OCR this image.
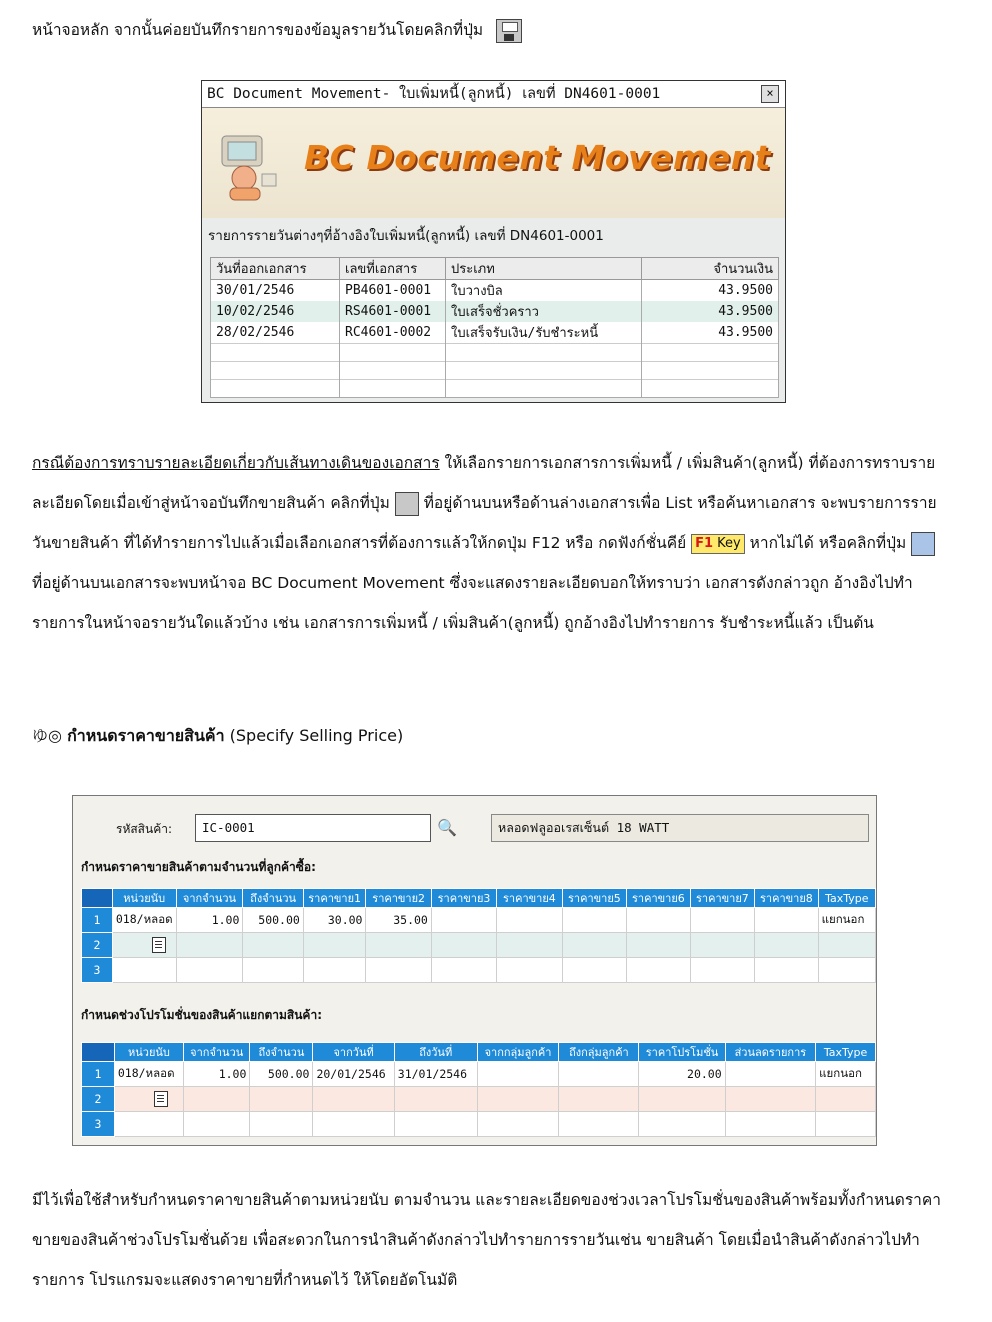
หน้าจอหลัก จากนั้นค่อยบันทึกรายการของข้อมูลรายวันโดยคลิกที่ปุ่ม
BC Document Movement- ใบเพิ่มหนี้(ลูกหนี้) เลขที่ DN4601-0001	×
BC Document Movement
รายการรายวันต่างๆที่อ้างอิงใบเพิ่มหนี้(ลูกหนี้) เลขที่ DN4601-0001
วันที่ออกเอกสาร	เลขที่เอกสาร	ประเภท	จำนวนเงิน
30/01/2546	PB4601-0001	ใบวางบิล	43.9500
10/02/2546	RS4601-0001	ใบเสร็จชั่วคราว	43.9500
28/02/2546	RC4601-0002	ใบเสร็จรับเงิน/รับชำระหนี้	43.9500

กรณีต้องการทราบรายละเอียดเกี่ยวกับเส้นทางเดินของเอกสาร ให้เลือกรายการเอกสารการเพิ่มหนี้ / เพิ่มสินค้า(ลูกหนี้) ที่ต้องการทราบรายละเอียดโดยเมื่อเข้าสู่หน้าจอบันทึกขายสินค้า คลิกที่ปุ่ม  ที่อยู่ด้านบนหรือด้านล่างเอกสารเพื่อ List หรือค้นหาเอกสาร จะพบรายการรายวันขายสินค้า ที่ได้ทำรายการไปแล้วเมื่อเลือกเอกสารที่ต้องการแล้วให้กดปุ่ม F12 หรือ กดฟังก์ชั่นคีย์ F1 Key หากไม่ได้ หรือคลิกที่ปุ่ม  ที่อยู่ด้านบนเอกสารจะพบหน้าจอ BC Document Movement ซึ่งจะแสดงรายละเอียดบอกให้ทราบว่า เอกสารดังกล่าวถูก อ้างอิงไปทำรายการในหน้าจอรายวันใดแล้วบ้าง เช่น เอกสารการเพิ่มหนี้ / เพิ่มสินค้า(ลูกหนี้) ถูกอ้างอิงไปทำรายการ รับชำระหนี้แล้ว เป็นต้น
ゆ◎ กำหนดราคาขายสินค้า (Specify Selling Price)
รหัสสินค้า:	IC-0001	🔍	หลอดฟลูออเรสเซ็นต์ 18 WATT
กำหนดราคาขายสินค้าตามจำนวนที่ลูกค้าซื้อ:
	หน่วยนับ	จากจำนวน	ถึงจำนวน	ราคาขาย1	ราคาขาย2	ราคาขาย3	ราคาขาย4	ราคาขาย5	ราคาขาย6	ราคาขาย7	ราคาขาย8	TaxType
1	018/หลอด	1.00	500.00	30.00	35.00							แยกนอก
2												
3												
กำหนดช่วงโปรโมชั่นของสินค้าแยกตามสินค้า:
	หน่วยนับ	จากจำนวน	ถึงจำนวน	จากวันที่	ถึงวันที่	จากกลุ่มลูกค้า	ถึงกลุ่มลูกค้า	ราคาโปรโมชั่น	ส่วนลดรายการ	TaxType
1	018/หลอด	1.00	500.00	20/01/2546	31/01/2546			20.00		แยกนอก
2										
3										
มีไว้เพื่อใช้สำหรับกำหนดราคาขายสินค้าตามหน่วยนับ ตามจำนวน และรายละเอียดของช่วงเวลาโปรโมชั่นของสินค้าพร้อมทั้งกำหนดราคาขายของสินค้าช่วงโปรโมชั่นด้วย เพื่อสะดวกในการนำสินค้าดังกล่าวไปทำรายการรายวันเช่น ขายสินค้า โดยเมื่อนำสินค้าดังกล่าวไปทำรายการ โปรแกรมจะแสดงราคาขายที่กำหนดไว้ ให้โดยอัตโนมัติ
